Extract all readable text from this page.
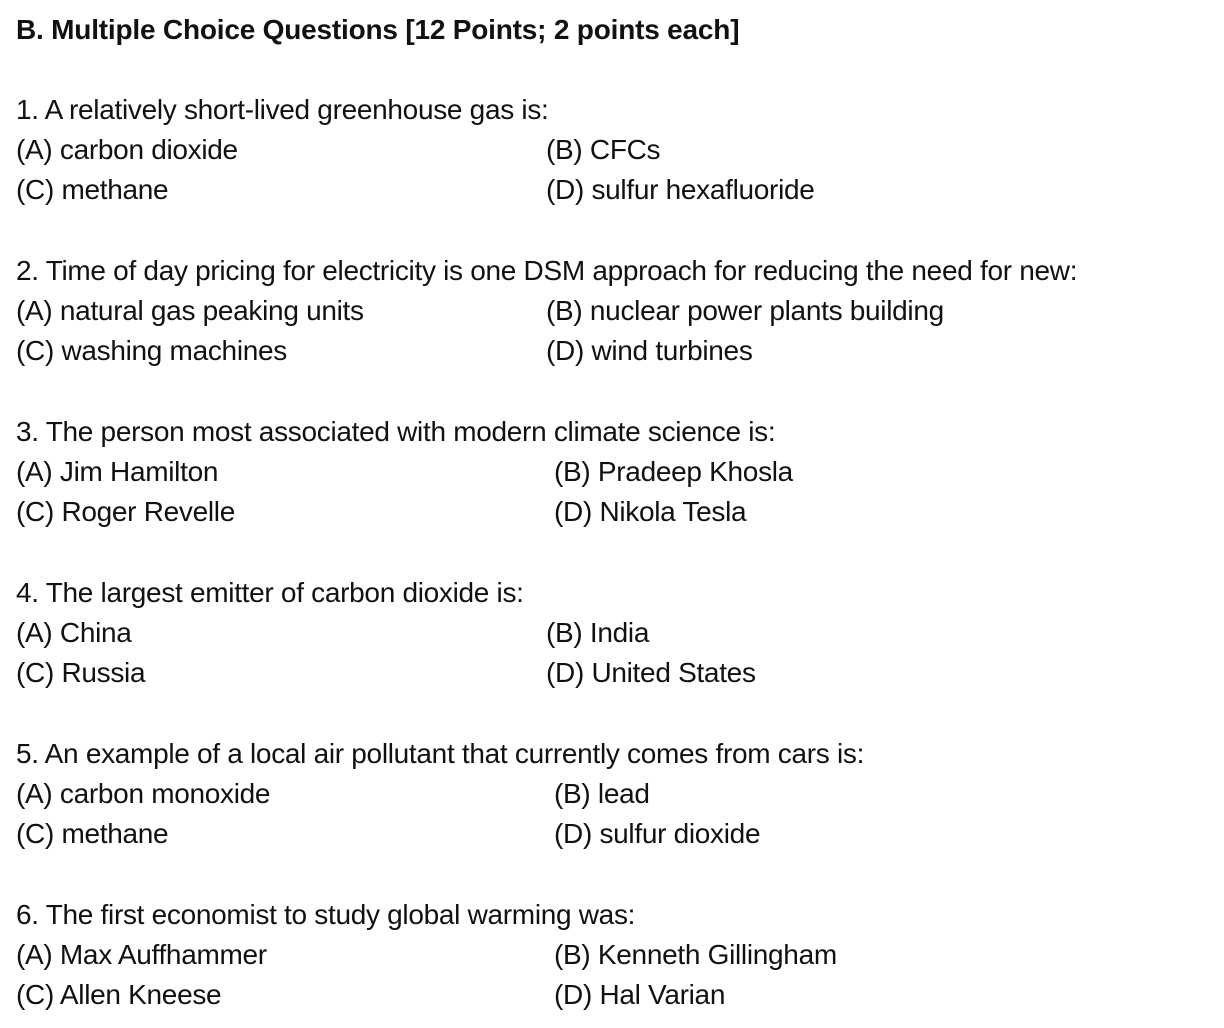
B. Multiple Choice Questions [12 Points; 2 points each]
1. A relatively short-lived greenhouse gas is:
(A) carbon dioxide	(B) CFCs
(C) methane	(D) sulfur hexafluoride
2. Time of day pricing for electricity is one DSM approach for reducing the need for new:
(A) natural gas peaking units	(B) nuclear power plants building
(C) washing machines	(D) wind turbines
3. The person most associated with modern climate science is:
(A) Jim Hamilton	(B) Pradeep Khosla
(C) Roger Revelle	(D) Nikola Tesla
4. The largest emitter of carbon dioxide is:
(A) China	(B) India
(C) Russia	(D) United States
5. An example of a local air pollutant that currently comes from cars is:
(A) carbon monoxide	(B) lead
(C) methane	(D) sulfur dioxide
6. The first economist to study global warming was:
(A) Max Auffhammer	(B) Kenneth Gillingham
(C) Allen Kneese	(D) Hal Varian
